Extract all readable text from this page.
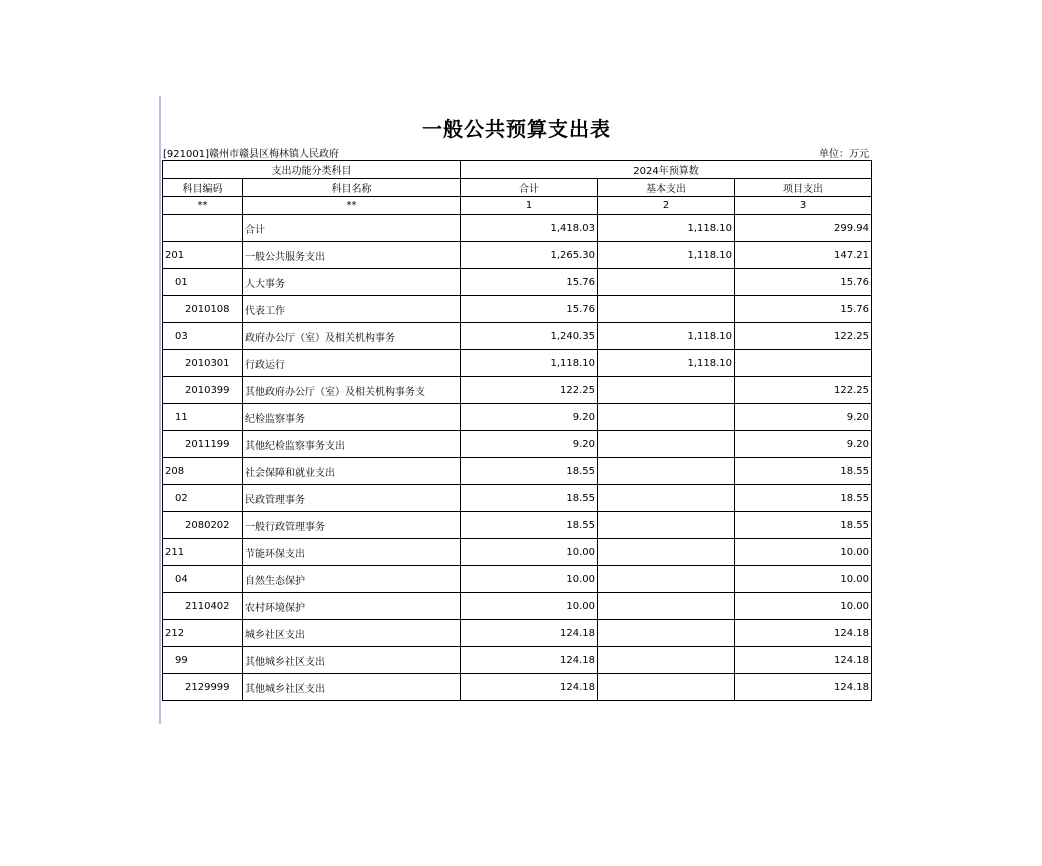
一般公共预算支出表
[921001]赣州市赣县区梅林镇人民政府	单位：万元
支出功能分类科目		2024年预算数		
科目编码	科目名称	合计	基本支出	项目支出
**	**	1	2	3
	合计	1,418.03	1,118.10	299.94
201	一般公共服务支出	1,265.30	1,118.10	147.21
01	人大事务	15.76		15.76
2010108	代表工作	15.76		15.76
03	政府办公厅（室）及相关机构事务	1,240.35	1,118.10	122.25
2010301	行政运行	1,118.10	1,118.10	
2010399	其他政府办公厅（室）及相关机构事务支	122.25		122.25
11	纪检监察事务	9.20		9.20
2011199	其他纪检监察事务支出	9.20		9.20
208	社会保障和就业支出	18.55		18.55
02	民政管理事务	18.55		18.55
2080202	一般行政管理事务	18.55		18.55
211	节能环保支出	10.00		10.00
04	自然生态保护	10.00		10.00
2110402	农村环境保护	10.00		10.00
212	城乡社区支出	124.18		124.18
99	其他城乡社区支出	124.18		124.18
2129999	其他城乡社区支出	124.18		124.18
